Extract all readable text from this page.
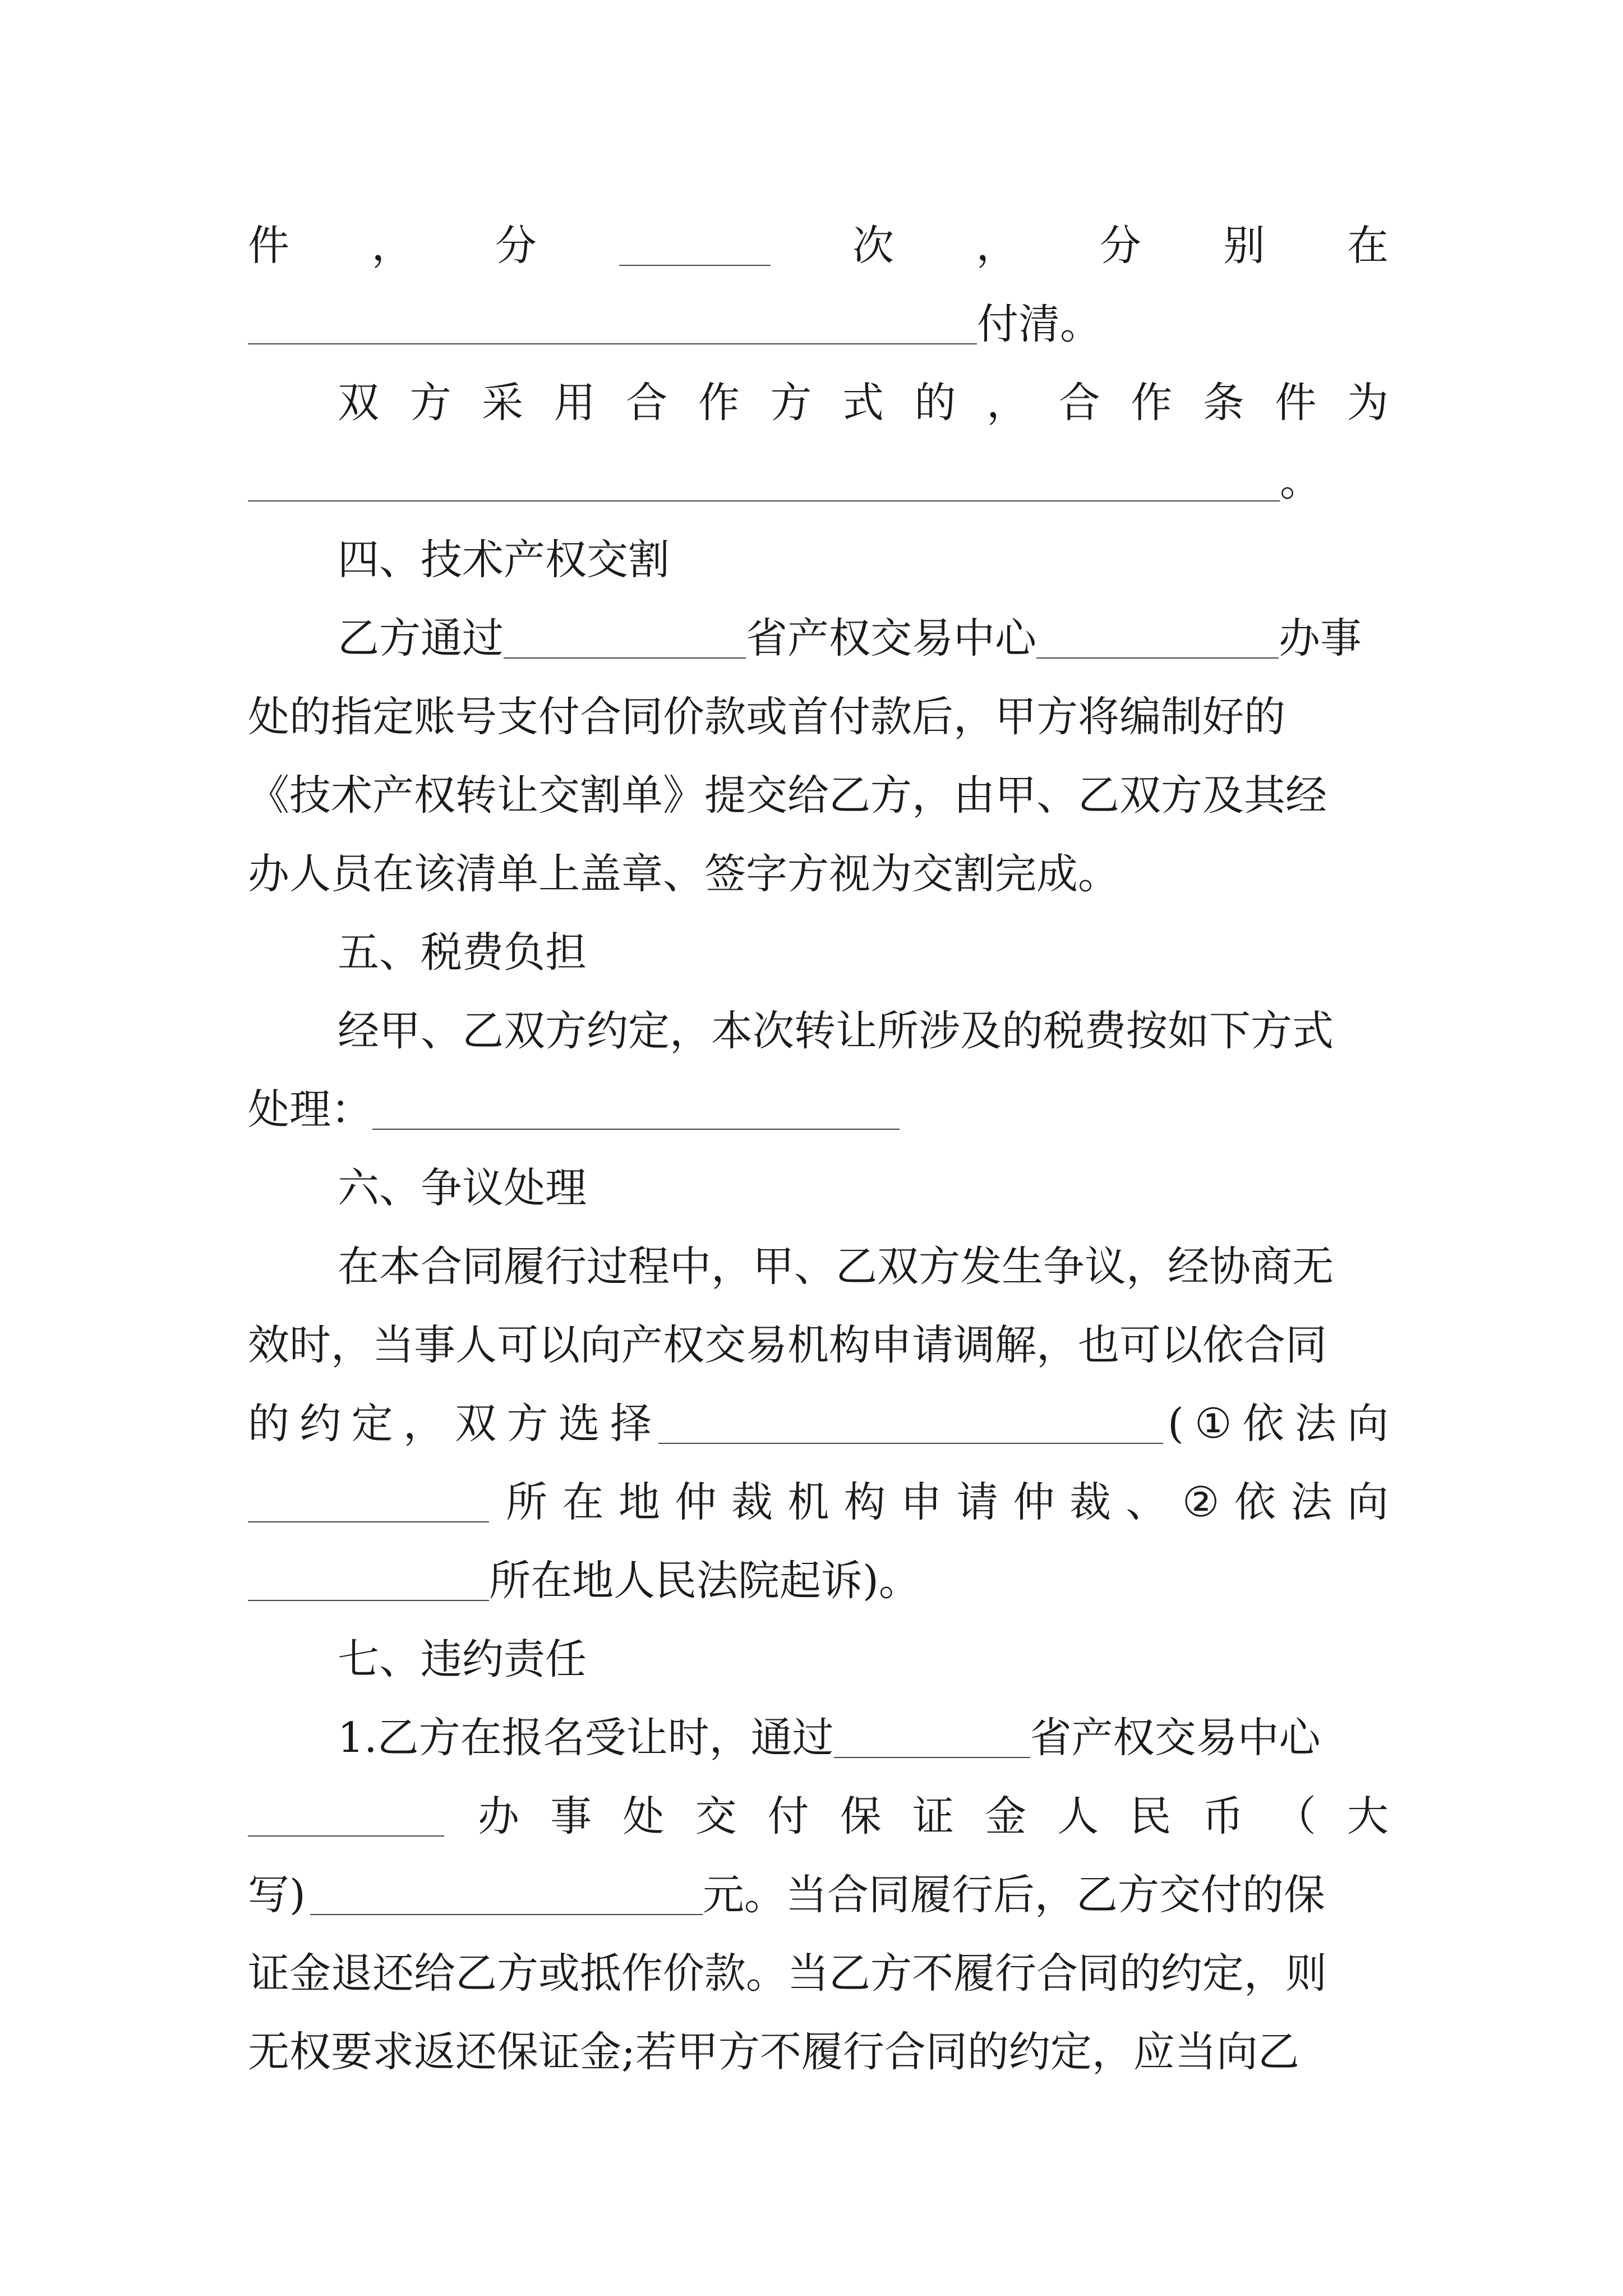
件 ， 分	次 ， 分 别 在
付清。
双 方 采 用 合 作 方 式 的 ， 合 作 条 件 为
。
四、技术产权交割
乙方通过	省产权交易中心	办事
处的指定账号支付合同价款或首付款后，甲方将编制好的
《技术产权转让交割单》提交给乙方，由甲、乙双方及其经
办人员在该清单上盖章、签字方视为交割完成。
五、税费负担
经甲、乙双方约定，本次转让所涉及的税费按如下方式
处理：
六、争议处理
在本合同履行过程中，甲、乙双方发生争议，经协商无
效时，当事人可以向产权交易机构申请调解，也可以依合同
的 约 定 ， 双 方 选 择	( ① 依 法 向
所 在 地 仲 裁 机 构 申 请 仲 裁 、 ② 依 法 向
所在地人民法院起诉)。
七、违约责任
1.乙方在报名受让时，通过	省产权交易中心
办 事 处 交 付 保 证 金 人 民 币 （ 大
写)	元。当合同履行后，乙方交付的保
证金退还给乙方或抵作价款。当乙方不履行合同的约定，则
无权要求返还保证金;若甲方不履行合同的约定，应当向乙
